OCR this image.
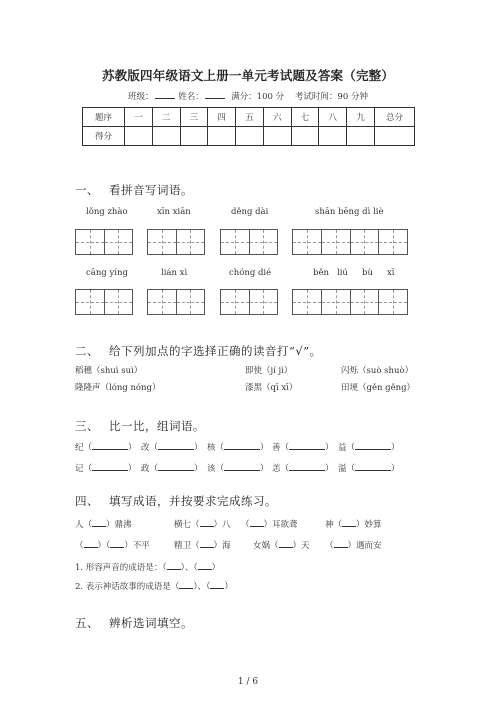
苏教版四年级语文上册一单元考试题及答案（完整）
班级：	姓名：	满分：100 分 考试时间：90 分钟
题序	一	二	三	四	五	六	七	八	九	总分
得分										
一、 看拼音写词语。
lǒng zhào	xīn xiān	děng dài	shān bēng dì liè
cāng yíng	lián xì	chóng dié	běn liú bù xī
二、 给下列加点的字选择正确的读音打“√”。
稻穗（shuì suì）	即使（jí jì）	闪烁（suò shuò）
隆隆声（lóng nóng）	漆黑（qī xī）	田埂（gěn gěng）
三、 比一比，组词语。
纪（	） 改（	） 核（	） 善（	） 益（	）
记（	） 政（	） 该（	） 恙（	） 溢（	）
四、 填写成语，并按要求完成练习。
人（ ）鼎沸	横七（ ）八 （ ）耳欲聋	神（ ）妙算
（ ）（ ）不平	精卫（ ）海	女娲（ ）天 （ ）遇而安
1. 形容声音的成语是：（ ）、（ ）
2. 表示神话故事的成语是（ ）、（ ）
五、 辨析选词填空。
1 / 6
